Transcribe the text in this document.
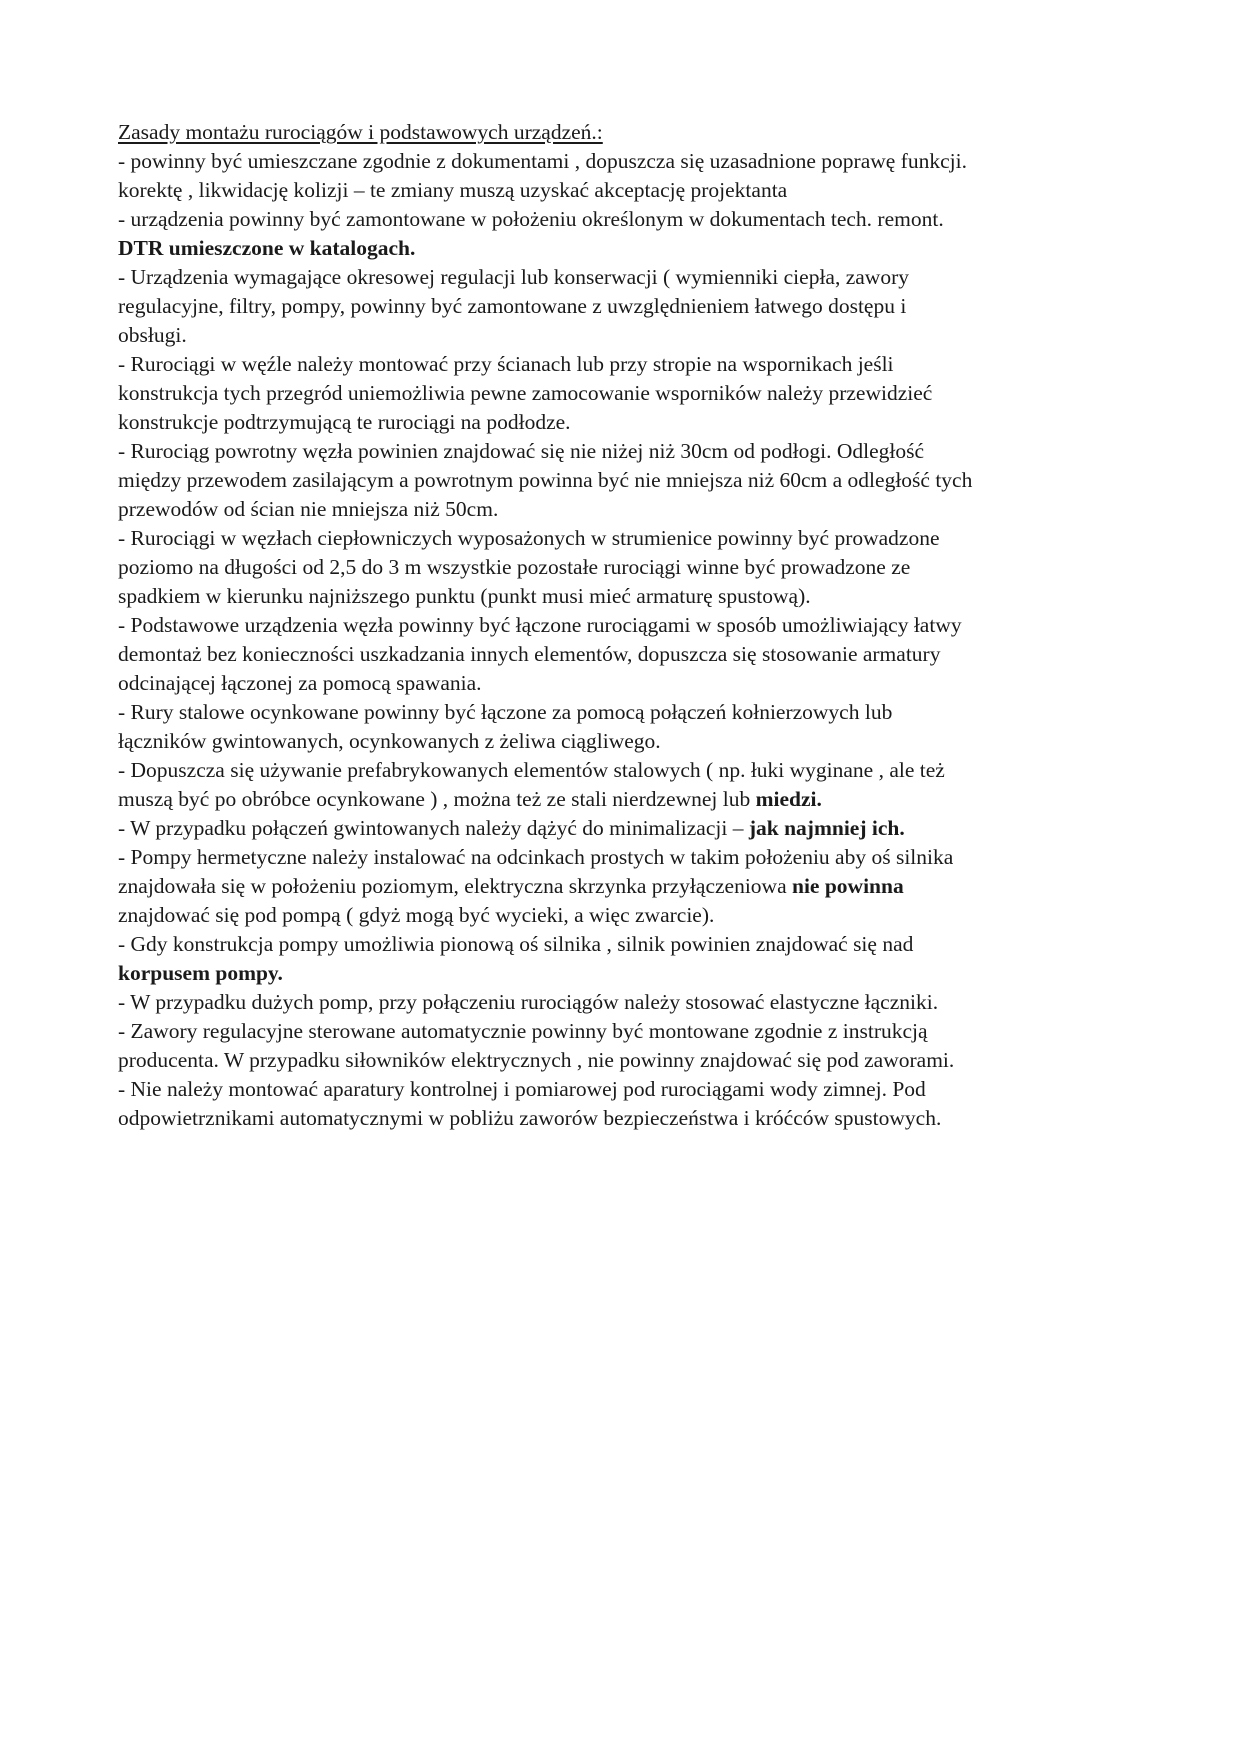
Zasady montażu rurociągów i podstawowych urządzeń.:

- powinny być umieszczane zgodnie z dokumentami , dopuszcza się uzasadnione poprawę funkcji.
korektę , likwidację kolizji – te zmiany muszą uzyskać akceptację projektanta

- urządzenia powinny być zamontowane w położeniu określonym w dokumentach tech. remont.
DTR umieszczone w katalogach.

- Urządzenia wymagające okresowej regulacji lub konserwacji ( wymienniki ciepła, zawory
regulacyjne, filtry, pompy, powinny być zamontowane z uwzględnieniem łatwego dostępu i
obsługi.

- Rurociągi w węźle należy montować przy ścianach lub przy stropie na wspornikach jeśli
konstrukcja tych przegród uniemożliwia pewne zamocowanie wsporników należy przewidzieć
konstrukcje podtrzymującą te rurociągi na podłodze.

- Rurociąg powrotny węzła powinien znajdować się nie niżej niż 30cm od podłogi. Odległość
między przewodem zasilającym a powrotnym powinna być nie mniejsza niż 60cm a odległość tych
przewodów od ścian nie mniejsza niż 50cm.

- Rurociągi w węzłach ciepłowniczych wyposażonych w strumienice powinny być prowadzone
poziomo na długości od 2,5 do 3 m wszystkie pozostałe rurociągi winne być prowadzone ze
spadkiem w kierunku najniższego punktu (punkt musi mieć armaturę spustową).

- Podstawowe urządzenia węzła powinny być łączone rurociągami w sposób umożliwiający łatwy
demontaż bez konieczności uszkadzania innych elementów, dopuszcza się stosowanie armatury
odcinającej łączonej za pomocą spawania.

- Rury stalowe ocynkowane powinny być łączone za pomocą połączeń kołnierzowych lub
łączników gwintowanych, ocynkowanych z żeliwa ciągliwego.

- Dopuszcza się używanie prefabrykowanych elementów stalowych ( np. łuki wyginane , ale też
muszą być po obróbce ocynkowane ) , można też ze stali nierdzewnej lub miedzi.

- W przypadku połączeń gwintowanych należy dążyć do minimalizacji – jak najmniej ich.

- Pompy hermetyczne należy instalować na odcinkach prostych w takim położeniu aby oś silnika
znajdowała się w położeniu poziomym, elektryczna skrzynka przyłączeniowa nie powinna
znajdować się pod pompą ( gdyż mogą być wycieki, a więc zwarcie).

- Gdy konstrukcja pompy umożliwia pionową oś silnika , silnik powinien znajdować się nad
korpusem pompy.

- W przypadku dużych pomp, przy połączeniu rurociągów należy stosować elastyczne łączniki.

- Zawory regulacyjne sterowane automatycznie powinny być montowane zgodnie z instrukcją
producenta. W przypadku siłowników elektrycznych , nie powinny znajdować się pod zaworami.

- Nie należy montować aparatury kontrolnej i pomiarowej pod rurociągami wody zimnej. Pod
odpowietrznikami automatycznymi w pobliżu zaworów bezpieczeństwa i króćców spustowych.
